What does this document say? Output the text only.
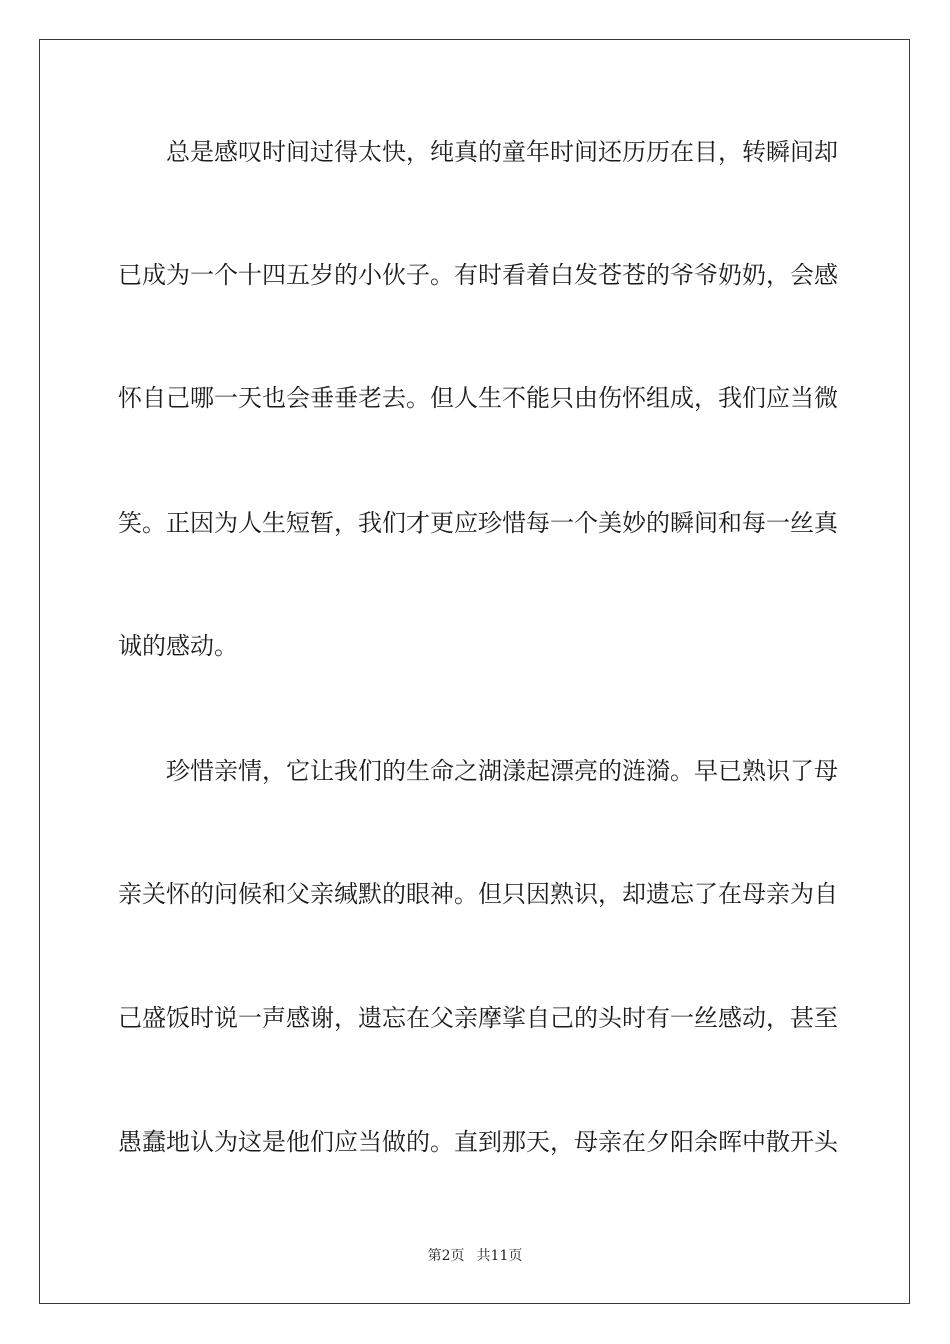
总 是 感 叹 时 间 过 得 太 快 ， 纯 真 的 童 年 时 间 还 历 历 在 目 ， 转 瞬 间 却
已 成 为 一 个 十 四 五 岁 的 小 伙 子 。 有 时 看 着 白 发 苍 苍 的 爷 爷 奶 奶 ， 会 感
怀 自 己 哪 一 天 也 会 垂 垂 老 去 。 但 人 生 不 能 只 由 伤 怀 组 成 ， 我 们 应 当 微
笑 。 正 因 为 人 生 短 暂 ， 我 们 才 更 应 珍 惜 每 一 个 美 妙 的 瞬 间 和 每 一 丝 真
诚 的 感 动 。

珍 惜 亲 情 ， 它 让 我 们 的 生 命 之 湖 漾 起 漂 亮 的 涟 漪 。 早 已 熟 识 了 母
亲 关 怀 的 问 候 和 父 亲 缄 默 的 眼 神 。 但 只 因 熟 识 ， 却 遗 忘 了 在 母 亲 为 自
己 盛 饭 时 说 一 声 感 谢 ， 遗 忘 在 父 亲 摩 挲 自 己 的 头 时 有 一 丝 感 动 ， 甚 至
愚 蠢 地 认 为 这 是 他 们 应 当 做 的 。 直 到 那 天 ， 母 亲 在 夕 阳 余 晖 中 散 开 头
第2页 共11页
